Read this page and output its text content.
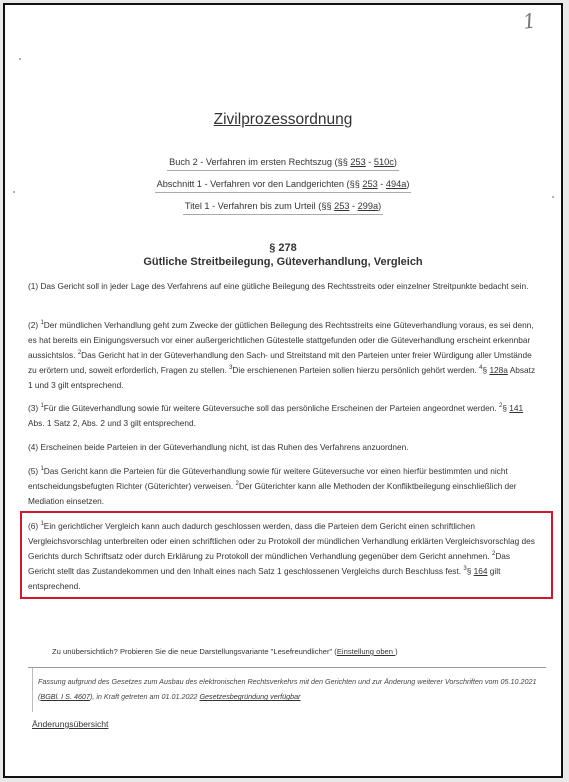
1
Zivilprozessordnung
Buch 2 - Verfahren im ersten Rechtszug (§§ 253 - 510c)
Abschnitt 1 - Verfahren vor den Landgerichten (§§ 253 - 494a)
Titel 1 - Verfahren bis zum Urteil (§§ 253 - 299a)
§ 278
Gütliche Streitbeilegung, Güteverhandlung, Vergleich
(1) Das Gericht soll in jeder Lage des Verfahrens auf eine gütliche Beilegung des Rechtsstreits oder einzelner Streitpunkte bedacht sein.
(2) $^1$Der mündlichen Verhandlung geht zum Zwecke der gütlichen Beilegung des Rechtsstreits eine Güteverhandlung voraus, es sei denn, es hat bereits ein Einigungsversuch vor einer außergerichtlichen Gütestelle stattgefunden oder die Güteverhandlung erscheint erkennbar aussichtslos. $^2$Das Gericht hat in der Güteverhandlung den Sach- und Streitstand mit den Parteien unter freier Würdigung aller Umstände zu erörtern und, soweit erforderlich, Fragen zu stellen. $^3$Die erschienenen Parteien sollen hierzu persönlich gehört werden. $^4$§ 128a Absatz 1 und 3 gilt entsprechend.
(3) $^1$Für die Güteverhandlung sowie für weitere Güteversuche soll das persönliche Erscheinen der Parteien angeordnet werden. $^2$§ 141 Abs. 1 Satz 2, Abs. 2 und 3 gilt entsprechend.
(4) Erscheinen beide Parteien in der Güteverhandlung nicht, ist das Ruhen des Verfahrens anzuordnen.
(5) $^1$Das Gericht kann die Parteien für die Güteverhandlung sowie für weitere Güteversuche vor einen hierfür bestimmten und nicht entscheidungsbefugten Richter (Güterichter) verweisen. $^2$Der Güterichter kann alle Methoden der Konfliktbeilegung einschließlich der Mediation einsetzen.
(6) $^1$Ein gerichtlicher Vergleich kann auch dadurch geschlossen werden, dass die Parteien dem Gericht einen schriftlichen Vergleichsvorschlag unterbreiten oder einen schriftlichen oder zu Protokoll der mündlichen Verhandlung erklärten Vergleichsvorschlag des Gerichts durch Schriftsatz oder durch Erklärung zu Protokoll der mündlichen Verhandlung gegenüber dem Gericht annehmen. $^2$Das Gericht stellt das Zustandekommen und den Inhalt eines nach Satz 1 geschlossenen Vergleichs durch Beschluss fest. $^3$§ 164 gilt entsprechend.
Zu unübersichtlich? Probieren Sie die neue Darstellungsvariante "Lesefreundlicher" (Einstellung oben )
Fassung aufgrund des Gesetzes zum Ausbau des elektronischen Rechtsverkehrs mit den Gerichten und zur Änderung weiterer Vorschriften vom 05.10.2021 (BGBl. I S. 4607), in Kraft getreten am 01.01.2022 Gesetzesbegründung verfügbar
Änderungsübersicht
